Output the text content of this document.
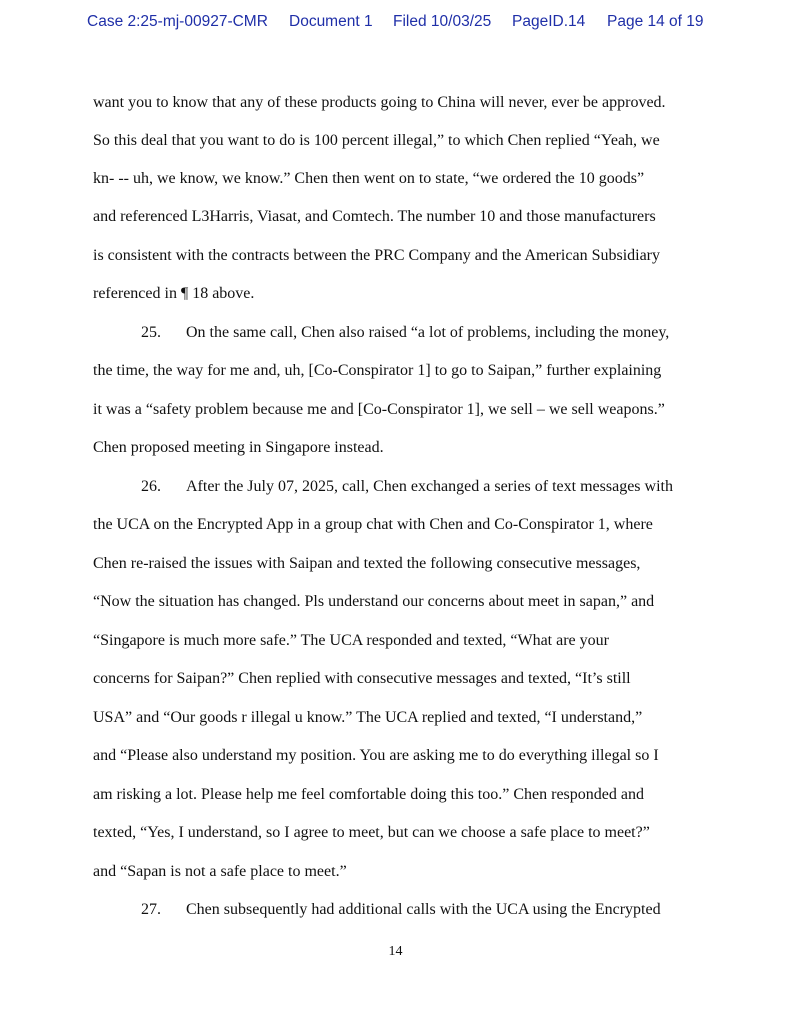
Case 2:25-mj-00927-CMR Document 1 Filed 10/03/25 PageID.14 Page 14 of 19
want you to know that any of these products going to China will never, ever be approved.
So this deal that you want to do is 100 percent illegal,” to which Chen replied “Yeah, we
kn- -- uh, we know, we know.” Chen then went on to state, “we ordered the 10 goods”
and referenced L3Harris, Viasat, and Comtech. The number 10 and those manufacturers
is consistent with the contracts between the PRC Company and the American Subsidiary
referenced in ¶ 18 above.
25. On the same call, Chen also raised “a lot of problems, including the money,
the time, the way for me and, uh, [Co-Conspirator 1] to go to Saipan,” further explaining
it was a “safety problem because me and [Co-Conspirator 1], we sell – we sell weapons.”
Chen proposed meeting in Singapore instead.
26. After the July 07, 2025, call, Chen exchanged a series of text messages with
the UCA on the Encrypted App in a group chat with Chen and Co-Conspirator 1, where
Chen re-raised the issues with Saipan and texted the following consecutive messages,
“Now the situation has changed. Pls understand our concerns about meet in sapan,” and
“Singapore is much more safe.” The UCA responded and texted, “What are your
concerns for Saipan?” Chen replied with consecutive messages and texted, “It’s still
USA” and “Our goods r illegal u know.” The UCA replied and texted, “I understand,”
and “Please also understand my position. You are asking me to do everything illegal so I
am risking a lot. Please help me feel comfortable doing this too.” Chen responded and
texted, “Yes, I understand, so I agree to meet, but can we choose a safe place to meet?”
and “Sapan is not a safe place to meet.”
27. Chen subsequently had additional calls with the UCA using the Encrypted
14
